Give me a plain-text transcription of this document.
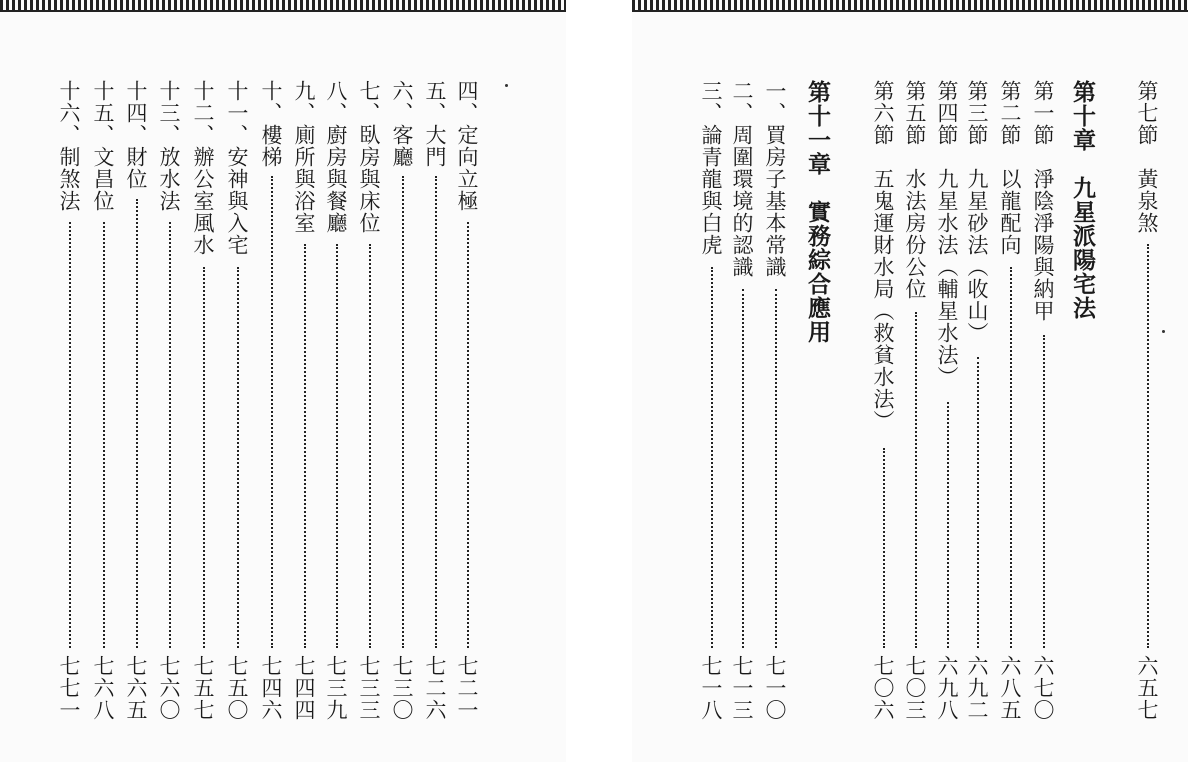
四、定向立極
七二一
五、大門
七二六
六、客廳
七三〇
七、臥房與床位
七三三
八、廚房與餐廳
七三九
九、廁所與浴室
七四四
十、樓梯
七四六
十一、安神與入宅
七五〇
十二、辦公室風水
七五七
十三、放水法
七六〇
十四、財位
七六五
十五、文昌位
七六八
十六、制煞法
七七一
第七節　黃泉煞
六五七
第十章　九星派陽宅法
第一節　淨陰淨陽與納甲
六七〇
第二節　以龍配向
六八五
第三節　九星砂法（收山）
六九二
第四節　九星水法（輔星水法）
六九八
第五節　水法房份公位
七〇三
第六節　五鬼運財水局（救貧水法）
七〇六
第十一章　實務綜合應用
一、買房子基本常識
七一〇
二、周圍環境的認識
七一三
三、論青龍與白虎
七一八
